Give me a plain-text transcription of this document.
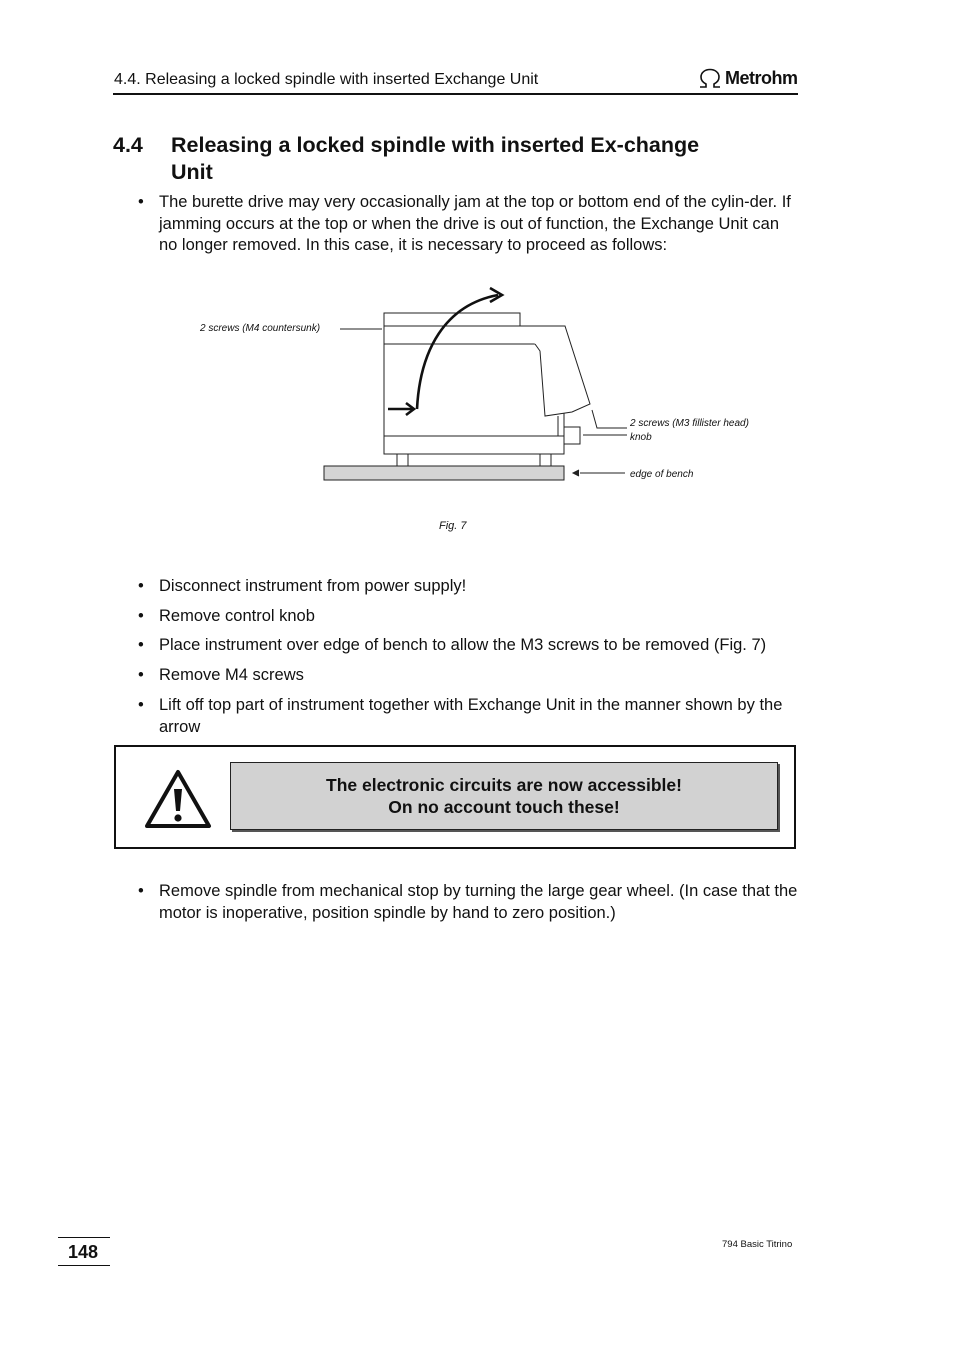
4.4. Releasing a locked spindle with inserted Exchange Unit	Metrohm
4.4 Releasing a locked spindle with inserted Ex-change Unit
• The burette drive may very occasionally jam at the top or bottom end of the cylin-der. If jamming occurs at the top or when the drive is out of function, the Exchange Unit can no longer removed. In this case, it is necessary to proceed as follows:
2 screws (M4 countersunk)
2 screws (M3 fillister head)
knob
edge of bench
Fig. 7
• Disconnect instrument from power supply!
• Remove control knob
• Place instrument over edge of bench to allow the M3 screws to be removed (Fig. 7)
• Remove M4 screws
• Lift off top part of instrument together with Exchange Unit in the manner shown by the arrow
The electronic circuits are now accessible!
On no account touch these!
• Remove spindle from mechanical stop by turning the large gear wheel. (In case that the motor is inoperative, position spindle by hand to zero position.)
148	794 Basic Titrino
